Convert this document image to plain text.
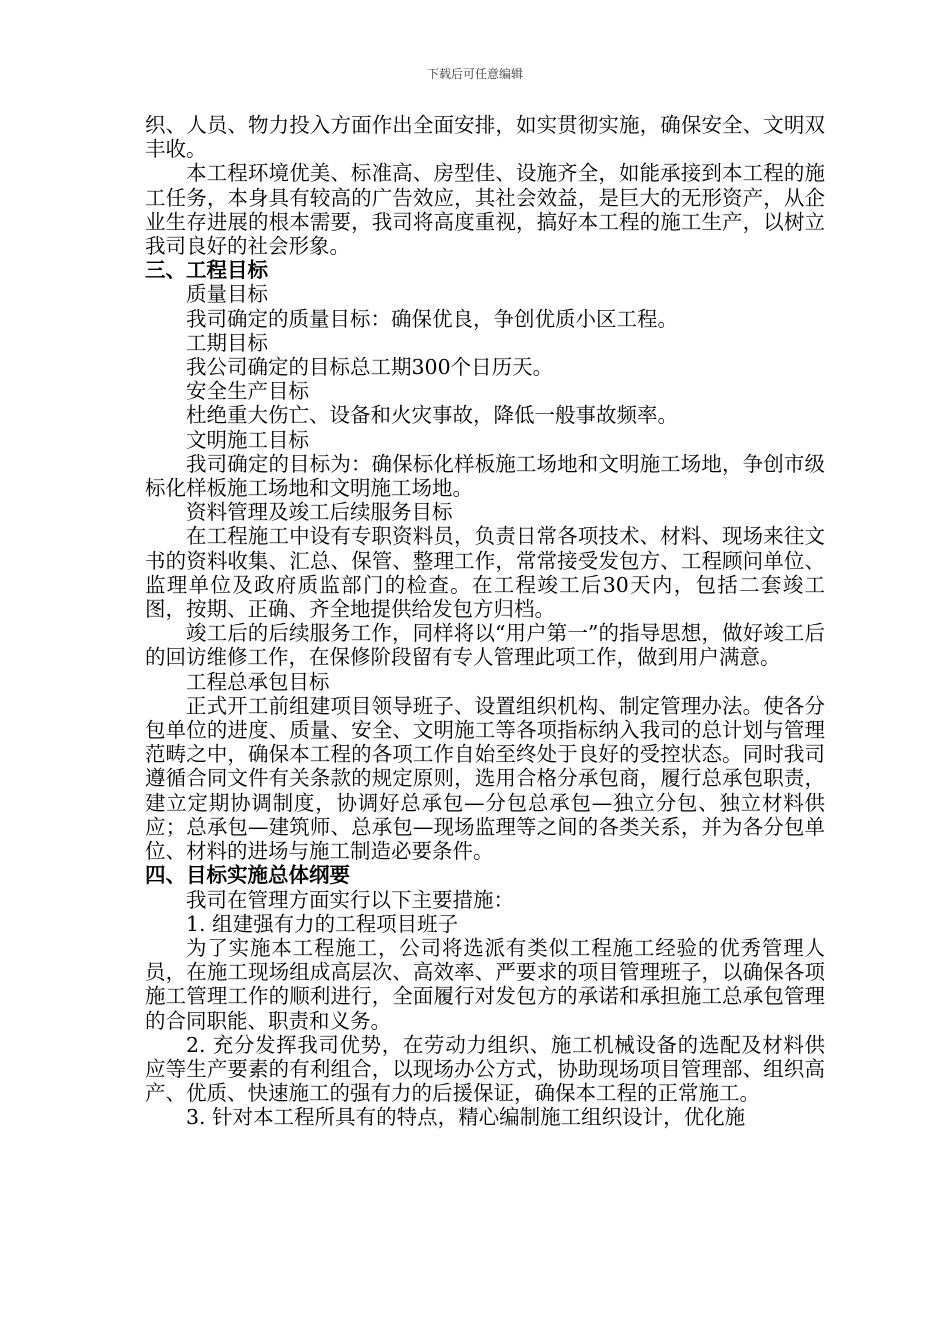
下载后可任意编辑

织、人员、物力投入方面作出全面安排，如实贯彻实施，确保安全、文明双丰收。

本工程环境优美、标准高、房型佳、设施齐全，如能承接到本工程的施工任务，本身具有较高的广告效应，其社会效益，是巨大的无形资产，从企业生存进展的根本需要，我司将高度重视，搞好本工程的施工生产，以树立我司良好的社会形象。

三、工程目标

质量目标

我司确定的质量目标：确保优良，争创优质小区工程。

工期目标

我公司确定的目标总工期300个日历天。

安全生产目标

杜绝重大伤亡、设备和火灾事故，降低一般事故频率。

文明施工目标

我司确定的目标为：确保标化样板施工场地和文明施工场地，争创市级标化样板施工场地和文明施工场地。

资料管理及竣工后续服务目标

在工程施工中设有专职资料员，负责日常各项技术、材料、现场来往文书的资料收集、汇总、保管、整理工作，常常接受发包方、工程顾问单位、监理单位及政府质监部门的检查。在工程竣工后30天内，包括二套竣工图，按期、正确、齐全地提供给发包方归档。

竣工后的后续服务工作，同样将以“用户第一”的指导思想，做好竣工后的回访维修工作，在保修阶段留有专人管理此项工作，做到用户满意。

工程总承包目标

正式开工前组建项目领导班子、设置组织机构、制定管理办法。使各分包单位的进度、质量、安全、文明施工等各项指标纳入我司的总计划与管理范畴之中，确保本工程的各项工作自始至终处于良好的受控状态。同时我司遵循合同文件有关条款的规定原则，选用合格分承包商，履行总承包职责，建立定期协调制度，协调好总承包—分包总承包—独立分包、独立材料供应；总承包—建筑师、总承包—现场监理等之间的各类关系，并为各分包单位、材料的进场与施工制造必要条件。

四、目标实施总体纲要

我司在管理方面实行以下主要措施：

1. 组建强有力的工程项目班子

为了实施本工程施工，公司将选派有类似工程施工经验的优秀管理人员，在施工现场组成高层次、高效率、严要求的项目管理班子，以确保各项施工管理工作的顺利进行，全面履行对发包方的承诺和承担施工总承包管理的合同职能、职责和义务。

2. 充分发挥我司优势，在劳动力组织、施工机械设备的选配及材料供应等生产要素的有利组合，以现场办公方式，协助现场项目管理部、组织高产、优质、快速施工的强有力的后援保证，确保本工程的正常施工。

3. 针对本工程所具有的特点，精心编制施工组织设计，优化施
